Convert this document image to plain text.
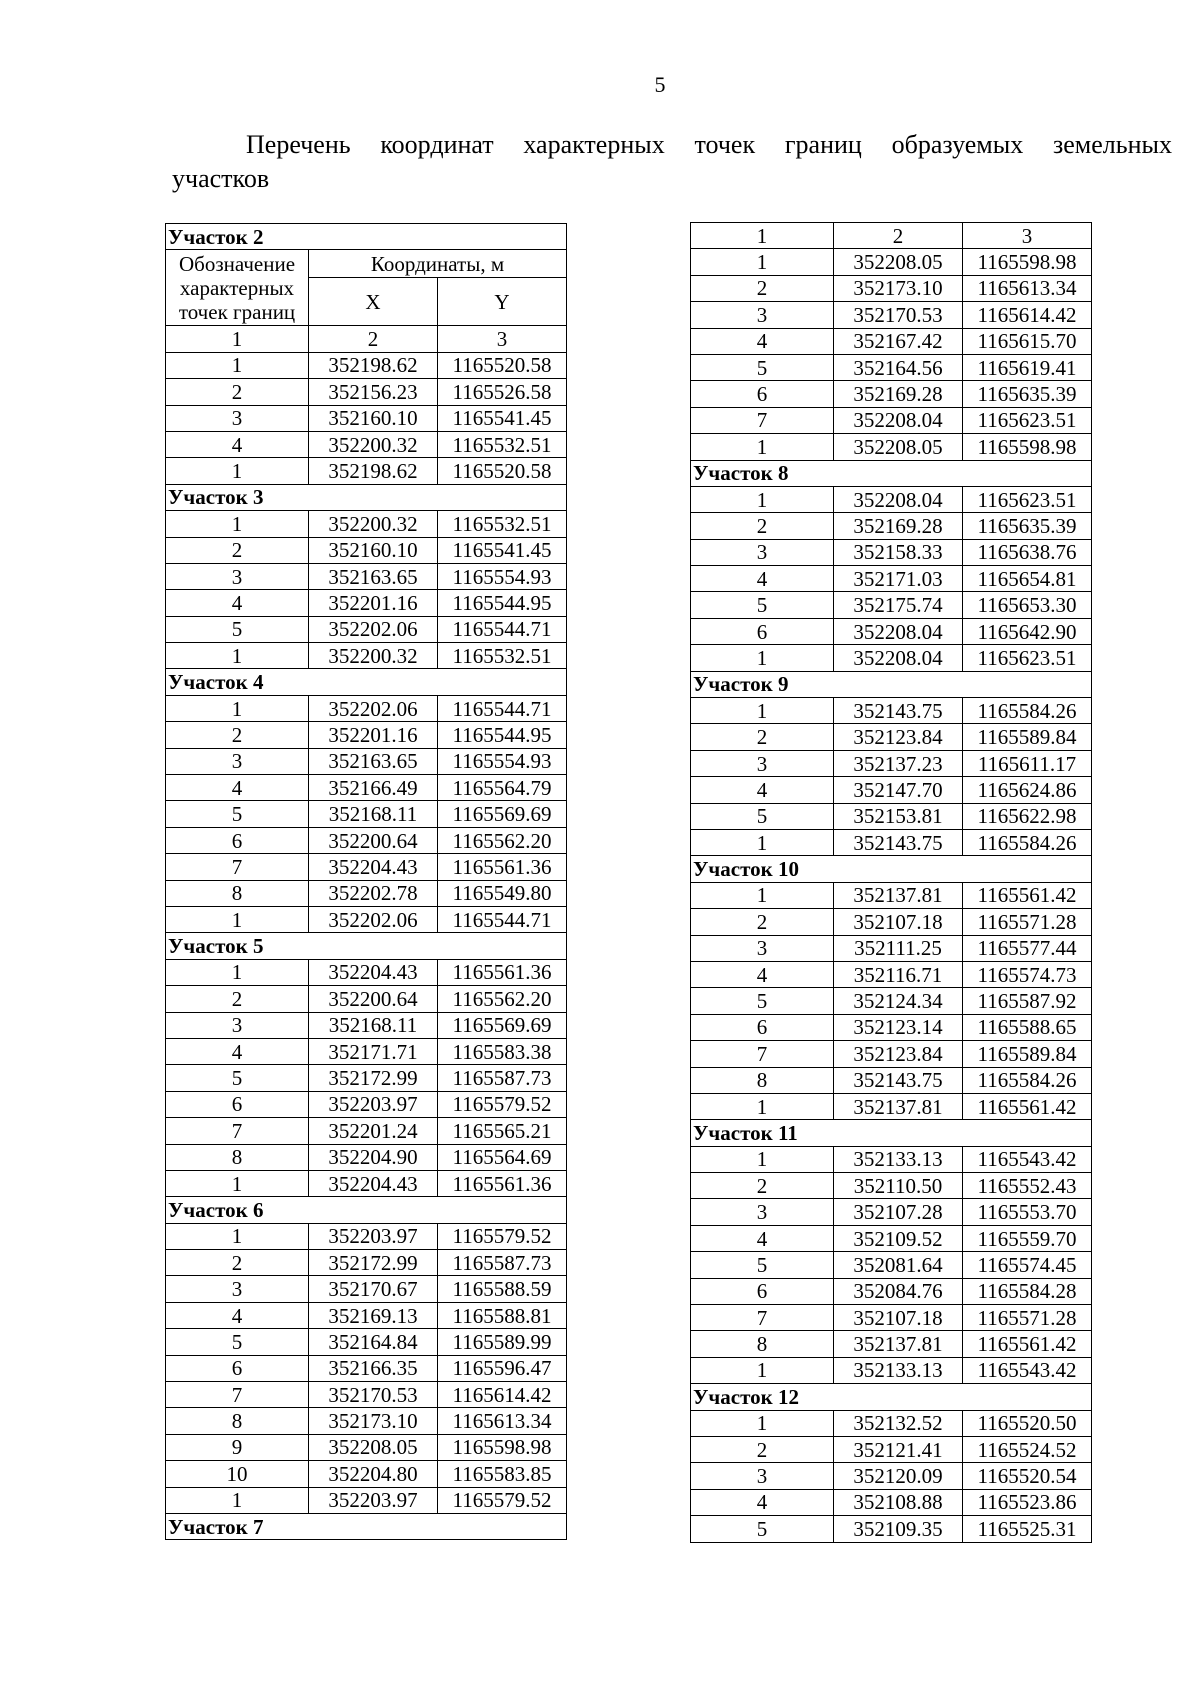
5
Перечень координат характерных точек границ образуемых земельных
участков
Участок 2		
Обозначение характерных точек границ	Координаты, м	
	X	Y
1	2	3
1	352198.62	1165520.58
2	352156.23	1165526.58
3	352160.10	1165541.45
4	352200.32	1165532.51
1	352198.62	1165520.58
Участок 3		
1	352200.32	1165532.51
2	352160.10	1165541.45
3	352163.65	1165554.93
4	352201.16	1165544.95
5	352202.06	1165544.71
1	352200.32	1165532.51
Участок 4		
1	352202.06	1165544.71
2	352201.16	1165544.95
3	352163.65	1165554.93
4	352166.49	1165564.79
5	352168.11	1165569.69
6	352200.64	1165562.20
7	352204.43	1165561.36
8	352202.78	1165549.80
1	352202.06	1165544.71
Участок 5		
1	352204.43	1165561.36
2	352200.64	1165562.20
3	352168.11	1165569.69
4	352171.71	1165583.38
5	352172.99	1165587.73
6	352203.97	1165579.52
7	352201.24	1165565.21
8	352204.90	1165564.69
1	352204.43	1165561.36
Участок 6		
1	352203.97	1165579.52
2	352172.99	1165587.73
3	352170.67	1165588.59
4	352169.13	1165588.81
5	352164.84	1165589.99
6	352166.35	1165596.47
7	352170.53	1165614.42
8	352173.10	1165613.34
9	352208.05	1165598.98
10	352204.80	1165583.85
1	352203.97	1165579.52
Участок 7		
1	2	3
1	352208.05	1165598.98
2	352173.10	1165613.34
3	352170.53	1165614.42
4	352167.42	1165615.70
5	352164.56	1165619.41
6	352169.28	1165635.39
7	352208.04	1165623.51
1	352208.05	1165598.98
Участок 8		
1	352208.04	1165623.51
2	352169.28	1165635.39
3	352158.33	1165638.76
4	352171.03	1165654.81
5	352175.74	1165653.30
6	352208.04	1165642.90
1	352208.04	1165623.51
Участок 9		
1	352143.75	1165584.26
2	352123.84	1165589.84
3	352137.23	1165611.17
4	352147.70	1165624.86
5	352153.81	1165622.98
1	352143.75	1165584.26
Участок 10		
1	352137.81	1165561.42
2	352107.18	1165571.28
3	352111.25	1165577.44
4	352116.71	1165574.73
5	352124.34	1165587.92
6	352123.14	1165588.65
7	352123.84	1165589.84
8	352143.75	1165584.26
1	352137.81	1165561.42
Участок 11		
1	352133.13	1165543.42
2	352110.50	1165552.43
3	352107.28	1165553.70
4	352109.52	1165559.70
5	352081.64	1165574.45
6	352084.76	1165584.28
7	352107.18	1165571.28
8	352137.81	1165561.42
1	352133.13	1165543.42
Участок 12		
1	352132.52	1165520.50
2	352121.41	1165524.52
3	352120.09	1165520.54
4	352108.88	1165523.86
5	352109.35	1165525.31
